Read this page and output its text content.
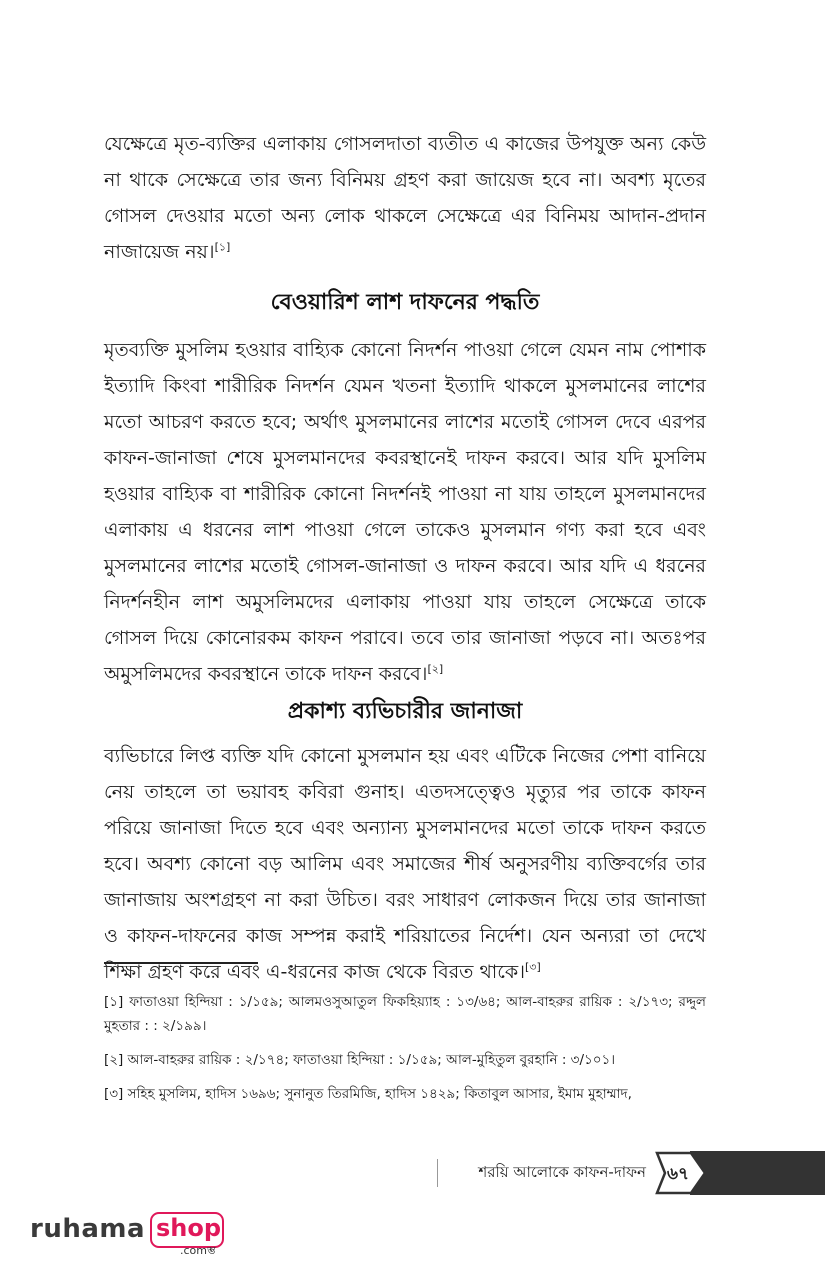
যেক্ষেত্রে মৃত-ব্যক্তির এলাকায় গোসলদাতা ব্যতীত এ কাজের উপযুক্ত অন্য কেউ না থাকে সেক্ষেত্রে তার জন্য বিনিময় গ্রহণ করা জায়েজ হবে না। অবশ্য মৃতের গোসল দেওয়ার মতো অন্য লোক থাকলে সেক্ষেত্রে এর বিনিময় আদান-প্রদান নাজায়েজ নয়।[১]

বেওয়ারিশ লাশ দাফনের পদ্ধতি

মৃতব্যক্তি মুসলিম হওয়ার বাহ্যিক কোনো নিদর্শন পাওয়া গেলে যেমন নাম পোশাক ইত্যাদি কিংবা শারীরিক নিদর্শন যেমন খতনা ইত্যাদি থাকলে মুসলমানের লাশের মতো আচরণ করতে হবে; অর্থাৎ মুসলমানের লাশের মতোই গোসল দেবে এরপর কাফন-জানাজা শেষে মুসলমানদের কবরস্থানেই দাফন করবে। আর যদি মুসলিম হওয়ার বাহ্যিক বা শারীরিক কোনো নিদর্শনই পাওয়া না যায় তাহলে মুসলমানদের এলাকায় এ ধরনের লাশ পাওয়া গেলে তাকেও মুসলমান গণ্য করা হবে এবং মুসলমানের লাশের মতোই গোসল-জানাজা ও দাফন করবে। আর যদি এ ধরনের নিদর্শনহীন লাশ অমুসলিমদের এলাকায় পাওয়া যায় তাহলে সেক্ষেত্রে তাকে গোসল দিয়ে কোনোরকম কাফন পরাবে। তবে তার জানাজা পড়বে না। অতঃপর অমুসলিমদের কবরস্থানে তাকে দাফন করবে।[২]

প্রকাশ্য ব্যভিচারীর জানাজা

ব্যভিচারে লিপ্ত ব্যক্তি যদি কোনো মুসলমান হয় এবং এটিকে নিজের পেশা বানিয়ে নেয় তাহলে তা ভয়াবহ কবিরা গুনাহ। এতদসত্ত্বেও মৃত্যুর পর তাকে কাফন পরিয়ে জানাজা দিতে হবে এবং অন্যান্য মুসলমানদের মতো তাকে দাফন করতে হবে। অবশ্য কোনো বড় আলিম এবং সমাজের শীর্ষ অনুসরণীয় ব্যক্তিবর্গের তার জানাজায় অংশগ্রহণ না করা উচিত। বরং সাধারণ লোকজন দিয়ে তার জানাজা ও কাফন-দাফনের কাজ সম্পন্ন করাই শরিয়াতের নির্দেশ। যেন অন্যরা তা দেখে শিক্ষা গ্রহণ করে এবং এ-ধরনের কাজ থেকে বিরত থাকে।[৩]

[১] ফাতাওয়া হিন্দিয়া : ১/১৫৯; আলমওসুআতুল ফিকহিয়্যাহ : ১৩/৬৪; আল-বাহরুর রায়িক : ২/১৭৩; রদ্দুল মুহতার : : ২/১৯৯।

[২] আল-বাহরুর রায়িক : ২/১৭৪; ফাতাওয়া হিন্দিয়া : ১/১৫৯; আল-মুহিতুল বুরহানি : ৩/১০১।

[৩] সহিহ মুসলিম, হাদিস ১৬৯৬; সুনানুত তিরমিজি, হাদিস ১৪২৯; কিতাবুল আসার, ইমাম মুহাম্মাদ,

শরয়ি আলোকে কাফন-দাফন	৬৭
ruhama shop
.comম্ভ
